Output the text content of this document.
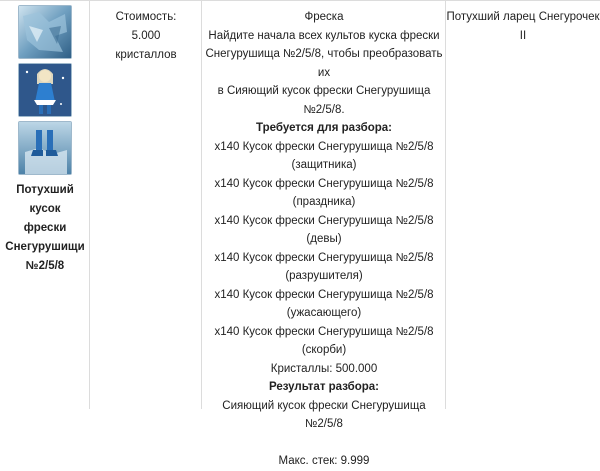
Потухший кусок
фрески
Снегурушищи
№2/5/8
Стоимость:
5.000
кристаллов
Фреска
Найдите начала всех культов куска фрески
Снегурушища №2/5/8, чтобы преобразовать их
в Сияющий кусок фрески Снегурушища
№2/5/8.
Требуется для разбора:
x140 Кусок фрески Снегурушища №2/5/8
(защитника)
x140 Кусок фрески Снегурушища №2/5/8
(праздника)
x140 Кусок фрески Снегурушища №2/5/8
(девы)
x140 Кусок фрески Снегурушища №2/5/8
(разрушителя)
x140 Кусок фрески Снегурушища №2/5/8
(ужасающего)
x140 Кусок фрески Снегурушища №2/5/8
(скорби)
Кристаллы: 500.000
Результат разбора:
Сияющий кусок фрески Снегурушища №2/5/8
Макс. стек: 9.999
Потухший ларец Снегурочек
II
